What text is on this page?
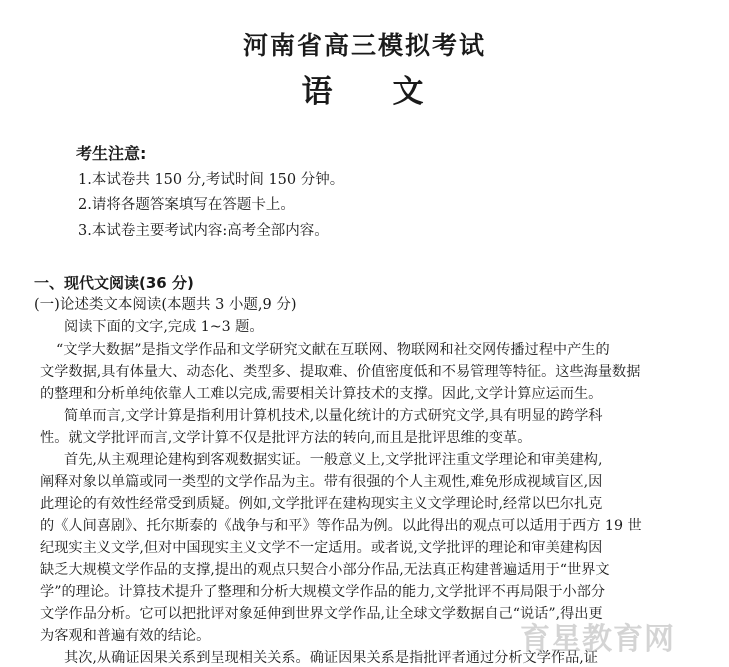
河南省高三模拟考试
语 文
考生注意:
1.本试卷共 150 分,考试时间 150 分钟。
2.请将各题答案填写在答题卡上。
3.本试卷主要考试内容:高考全部内容。
一、现代文阅读(36 分)
(一)论述类文本阅读(本题共 3 小题,9 分)
阅读下面的文字,完成 1~3 题。
“文学大数据”是指文学作品和文学研究文献在互联网、物联网和社交网传播过程中产生的
文学数据,具有体量大、动态化、类型多、提取难、价值密度低和不易管理等特征。这些海量数据
的整理和分析单纯依靠人工难以完成,需要相关计算技术的支撑。因此,文学计算应运而生。
简单而言,文学计算是指利用计算机技术,以量化统计的方式研究文学,具有明显的跨学科
性。就文学批评而言,文学计算不仅是批评方法的转向,而且是批评思维的变革。
首先,从主观理论建构到客观数据实证。一般意义上,文学批评注重文学理论和审美建构,
阐释对象以单篇或同一类型的文学作品为主。带有很强的个人主观性,难免形成视域盲区,因
此理论的有效性经常受到质疑。例如,文学批评在建构现实主义文学理论时,经常以巴尔扎克
的《人间喜剧》、托尔斯泰的《战争与和平》等作品为例。以此得出的观点可以适用于西方 19 世
纪现实主义文学,但对中国现实主义文学不一定适用。或者说,文学批评的理论和审美建构因
缺乏大规模文学作品的支撑,提出的观点只契合小部分作品,无法真正构建普遍适用于“世界文
学”的理论。计算技术提升了整理和分析大规模文学作品的能力,文学批评不再局限于小部分
文学作品分析。它可以把批评对象延伸到世界文学作品,让全球文学数据自己“说话”,得出更
为客观和普遍有效的结论。
其次,从确证因果关系到呈现相关关系。确证因果关系是指批评者通过分析文学作品,证
育星教育网
